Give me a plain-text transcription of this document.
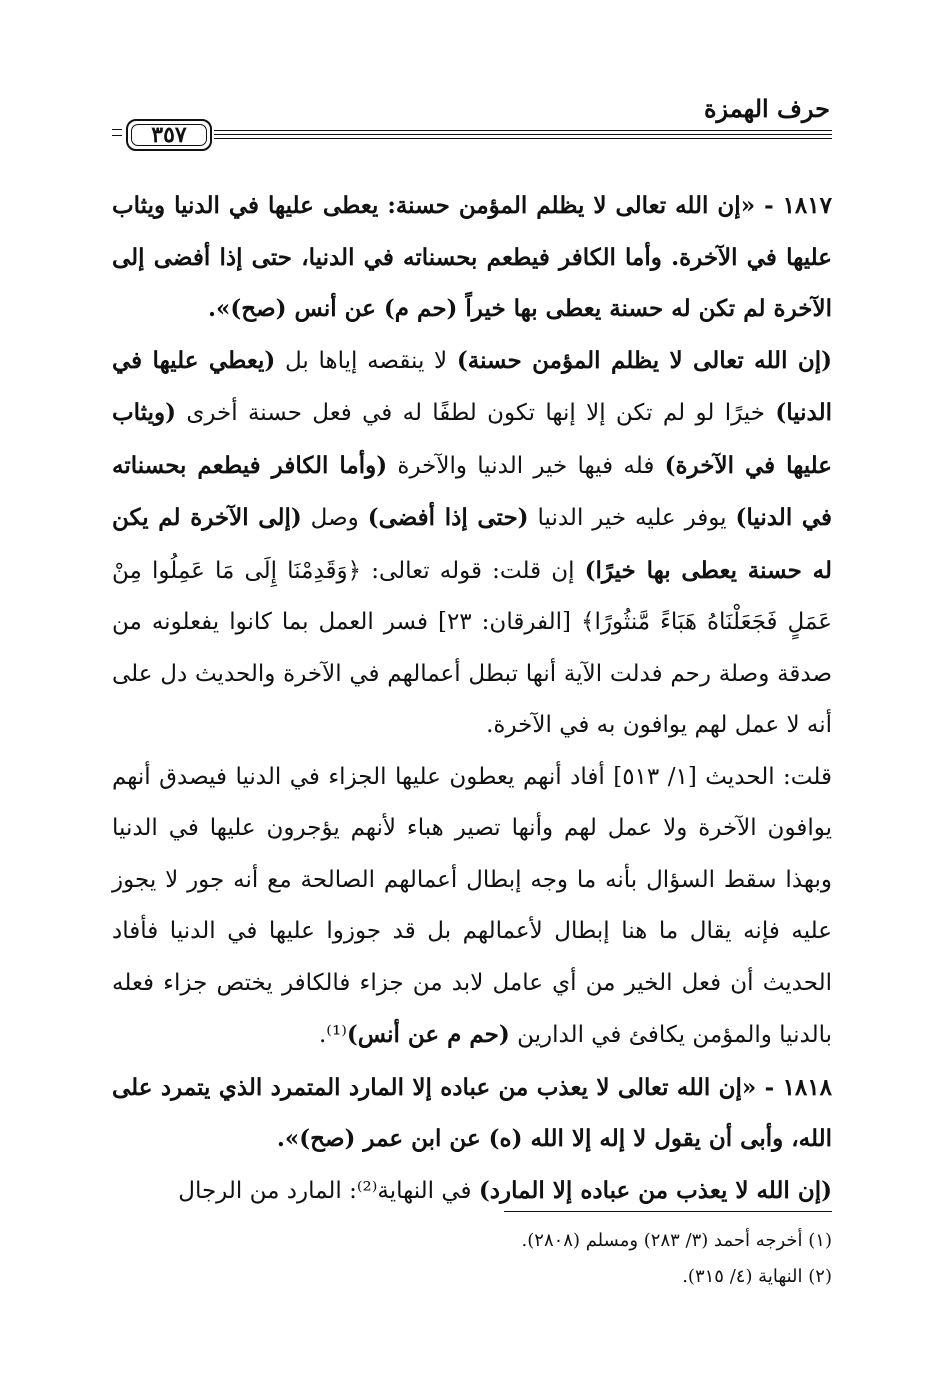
حرف الهمزة
٣٥٧

١٨١٧ - «إن الله تعالى لا يظلم المؤمن حسنة: يعطى عليها في الدنيا ويثاب عليها في الآخرة. وأما الكافر فيطعم بحسناته في الدنيا، حتى إذا أفضى إلى الآخرة لم تكن له حسنة يعطى بها خيراً (حم م) عن أنس (صح)».

(إن الله تعالى لا يظلم المؤمن حسنة) لا ينقصه إياها بل (يعطي عليها في الدنيا) خيرًا لو لم تكن إلا إنها تكون لطفًا له في فعل حسنة أخرى (ويثاب عليها في الآخرة) فله فيها خير الدنيا والآخرة (وأما الكافر فيطعم بحسناته في الدنيا) يوفر عليه خير الدنيا (حتى إذا أفضى) وصل (إلى الآخرة لم يكن له حسنة يعطى بها خيرًا) إن قلت: قوله تعالى: ﴿وَقَدِمْنَا إِلَى مَا عَمِلُوا مِنْ عَمَلٍ فَجَعَلْنَاهُ هَبَاءً مَّنثُورًا﴾ [الفرقان: ٢٣] فسر العمل بما كانوا يفعلونه من صدقة وصلة رحم فدلت الآية أنها تبطل أعمالهم في الآخرة والحديث دل على أنه لا عمل لهم يوافون به في الآخرة.

قلت: الحديث [١/ ٥١٣] أفاد أنهم يعطون عليها الجزاء في الدنيا فيصدق أنهم يوافون الآخرة ولا عمل لهم وأنها تصير هباء لأنهم يؤجرون عليها في الدنيا وبهذا سقط السؤال بأنه ما وجه إبطال أعمالهم الصالحة مع أنه جور لا يجوز عليه فإنه يقال ما هنا إبطال لأعمالهم بل قد جوزوا عليها في الدنيا فأفاد الحديث أن فعل الخير من أي عامل لابد من جزاء فالكافر يختص جزاء فعله بالدنيا والمؤمن يكافئ في الدارين (حم م عن أنس)⁽¹⁾.

١٨١٨ - «إن الله تعالى لا يعذب من عباده إلا المارد المتمرد الذي يتمرد على الله، وأبى أن يقول لا إله إلا الله (ه) عن ابن عمر (صح)».

(إن الله لا يعذب من عباده إلا المارد) في النهاية⁽²⁾: المارد من الرجال

(١) أخرجه أحمد (٣/ ٢٨٣) ومسلم (٢٨٠٨).

(٢) النهاية (٤/ ٣١٥).
